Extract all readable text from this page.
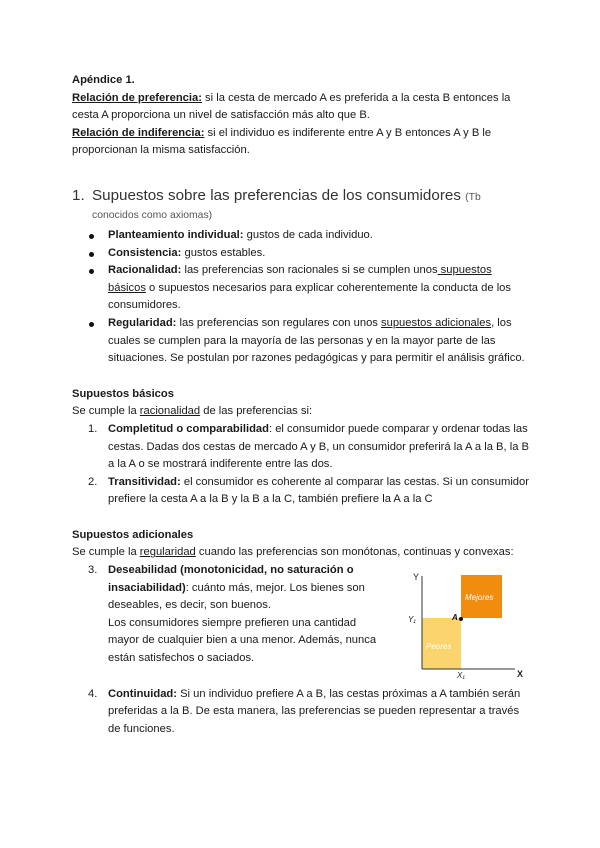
Apéndice 1.

Relación de preferencia: si la cesta de mercado A es preferida a la cesta B entonces la cesta A proporciona un nivel de satisfacción más alto que B.

Relación de indiferencia: si el individuo es indiferente entre A y B entonces A y B le proporcionan la misma satisfacción.

1. Supuestos sobre las preferencias de los consumidores (Tb
conocidos como axiomas)
Planteamiento individual: gustos de cada individuo.
Consistencia: gustos estables.
Racionalidad: las preferencias son racionales si se cumplen unos supuestos básicos o supuestos necesarios para explicar coherentemente la conducta de los consumidores.
Regularidad: las preferencias son regulares con unos supuestos adicionales, los cuales se cumplen para la mayoría de las personas y en la mayor parte de las situaciones. Se postulan por razones pedagógicas y para permitir el análisis gráfico.

Supuestos básicos

Se cumple la racionalidad de las preferencias si:

1. Completitud o comparabilidad: el consumidor puede comparar y ordenar todas las cestas. Dadas dos cestas de mercado A y B, un consumidor preferirá la A a la B, la B a la A o se mostrará indiferente entre las dos.
2. Transitividad: el consumidor es coherente al comparar las cestas. Si un consumidor prefiere la cesta A a la B y la B a la C, también prefiere la A a la C

Supuestos adicionales

Se cumple la regularidad cuando las preferencias son monótonas, continuas y convexas:

3. Deseabilidad (monotonicidad, no saturación o insaciabilidad): cuánto más, mejor. Los bienes son deseables, es decir, son buenos.
Los consumidores siempre prefieren una cantidad mayor de cualquier bien a una menor. Además, nunca están satisfechos o saciados.
4. Continuidad: Si un individuo prefiere A a B, las cestas próximas a A también serán preferidas a la B. De esta manera, las preferencias se pueden representar a través de funciones.
Y
X
Y₁
X₁
A
Mejores
Peores
